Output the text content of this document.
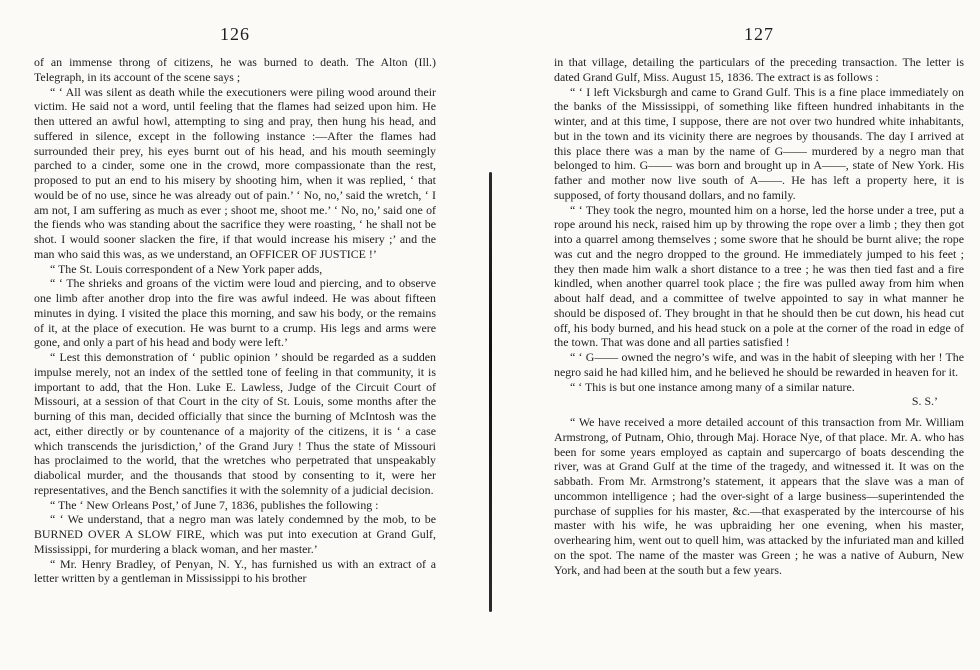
126

of an immense throng of citizens, he was burned to death. The Alton (Ill.) Telegraph, in its account of the scene says ;

“ ‘ All was silent as death while the executioners were piling wood around their victim. He said not a word, until feeling that the flames had seized upon him. He then uttered an awful howl, attempting to sing and pray, then hung his head, and suffered in silence, except in the following instance :—After the flames had surrounded their prey, his eyes burnt out of his head, and his mouth seemingly parched to a cinder, some one in the crowd, more compassionate than the rest, proposed to put an end to his misery by shooting him, when it was replied, ‘ that would be of no use, since he was already out of pain.’ ‘ No, no,’ said the wretch, ‘ I am not, I am suffering as much as ever ; shoot me, shoot me.’ ‘ No, no,’ said one of the fiends who was standing about the sacrifice they were roasting, ‘ he shall not be shot. I would sooner slacken the fire, if that would increase his misery ;’ and the man who said this was, as we understand, an OFFICER OF JUSTICE !’

“ The St. Louis correspondent of a New York paper adds,

“ ‘ The shrieks and groans of the victim were loud and piercing, and to observe one limb after another drop into the fire was awful indeed. He was about fifteen minutes in dying. I visited the place this morning, and saw his body, or the remains of it, at the place of execution. He was burnt to a crump. His legs and arms were gone, and only a part of his head and body were left.’

“ Lest this demonstration of ‘ public opinion ’ should be regarded as a sudden impulse merely, not an index of the settled tone of feeling in that community, it is important to add, that the Hon. Luke E. Lawless, Judge of the Circuit Court of Missouri, at a session of that Court in the city of St. Louis, some months after the burning of this man, decided officially that since the burning of McIntosh was the act, either directly or by countenance of a majority of the citizens, it is ‘ a case which transcends the jurisdiction,’ of the Grand Jury ! Thus the state of Missouri has proclaimed to the world, that the wretches who perpetrated that unspeakably diabolical murder, and the thousands that stood by consenting to it, were her representatives, and the Bench sanctifies it with the solemnity of a judicial decision.

“ The ‘ New Orleans Post,’ of June 7, 1836, publishes the following :

“ ‘ We understand, that a negro man was lately condemned by the mob, to be BURNED OVER A SLOW FIRE, which was put into execution at Grand Gulf, Mississippi, for murdering a black woman, and her master.’

“ Mr. Henry Bradley, of Penyan, N. Y., has furnished us with an extract of a letter written by a gentleman in Mississippi to his brother

127

in that village, detailing the particulars of the preceding transaction. The letter is dated Grand Gulf, Miss. August 15, 1836. The extract is as follows :

“ ‘ I left Vicksburgh and came to Grand Gulf. This is a fine place immediately on the banks of the Mississippi, of something like fifteen hundred inhabitants in the winter, and at this time, I suppose, there are not over two hundred white inhabitants, but in the town and its vicinity there are negroes by thousands. The day I arrived at this place there was a man by the name of G—— murdered by a negro man that belonged to him. G—— was born and brought up in A——, state of New York. His father and mother now live south of A——. He has left a property here, it is supposed, of forty thousand dollars, and no family.

“ ‘ They took the negro, mounted him on a horse, led the horse under a tree, put a rope around his neck, raised him up by throwing the rope over a limb ; they then got into a quarrel among themselves ; some swore that he should be burnt alive; the rope was cut and the negro dropped to the ground. He immediately jumped to his feet ; they then made him walk a short distance to a tree ; he was then tied fast and a fire kindled, when another quarrel took place ; the fire was pulled away from him when about half dead, and a committee of twelve appointed to say in what manner he should be disposed of. They brought in that he should then be cut down, his head cut off, his body burned, and his head stuck on a pole at the corner of the road in edge of the town. That was done and all parties satisfied !

“ ‘ G—— owned the negro’s wife, and was in the habit of sleeping with her ! The negro said he had killed him, and he believed he should be rewarded in heaven for it.

“ ‘ This is but one instance among many of a similar nature.

S. S.’

“ We have received a more detailed account of this transaction from Mr. William Armstrong, of Putnam, Ohio, through Maj. Horace Nye, of that place. Mr. A. who has been for some years employed as captain and supercargo of boats descending the river, was at Grand Gulf at the time of the tragedy, and witnessed it. It was on the sabbath. From Mr. Armstrong’s statement, it appears that the slave was a man of uncommon intelligence ; had the over-sight of a large business—superintended the purchase of supplies for his master, &c.—that exasperated by the intercourse of his master with his wife, he was upbraiding her one evening, when his master, overhearing him, went out to quell him, was attacked by the infuriated man and killed on the spot. The name of the master was Green ; he was a native of Auburn, New York, and had been at the south but a few years.
